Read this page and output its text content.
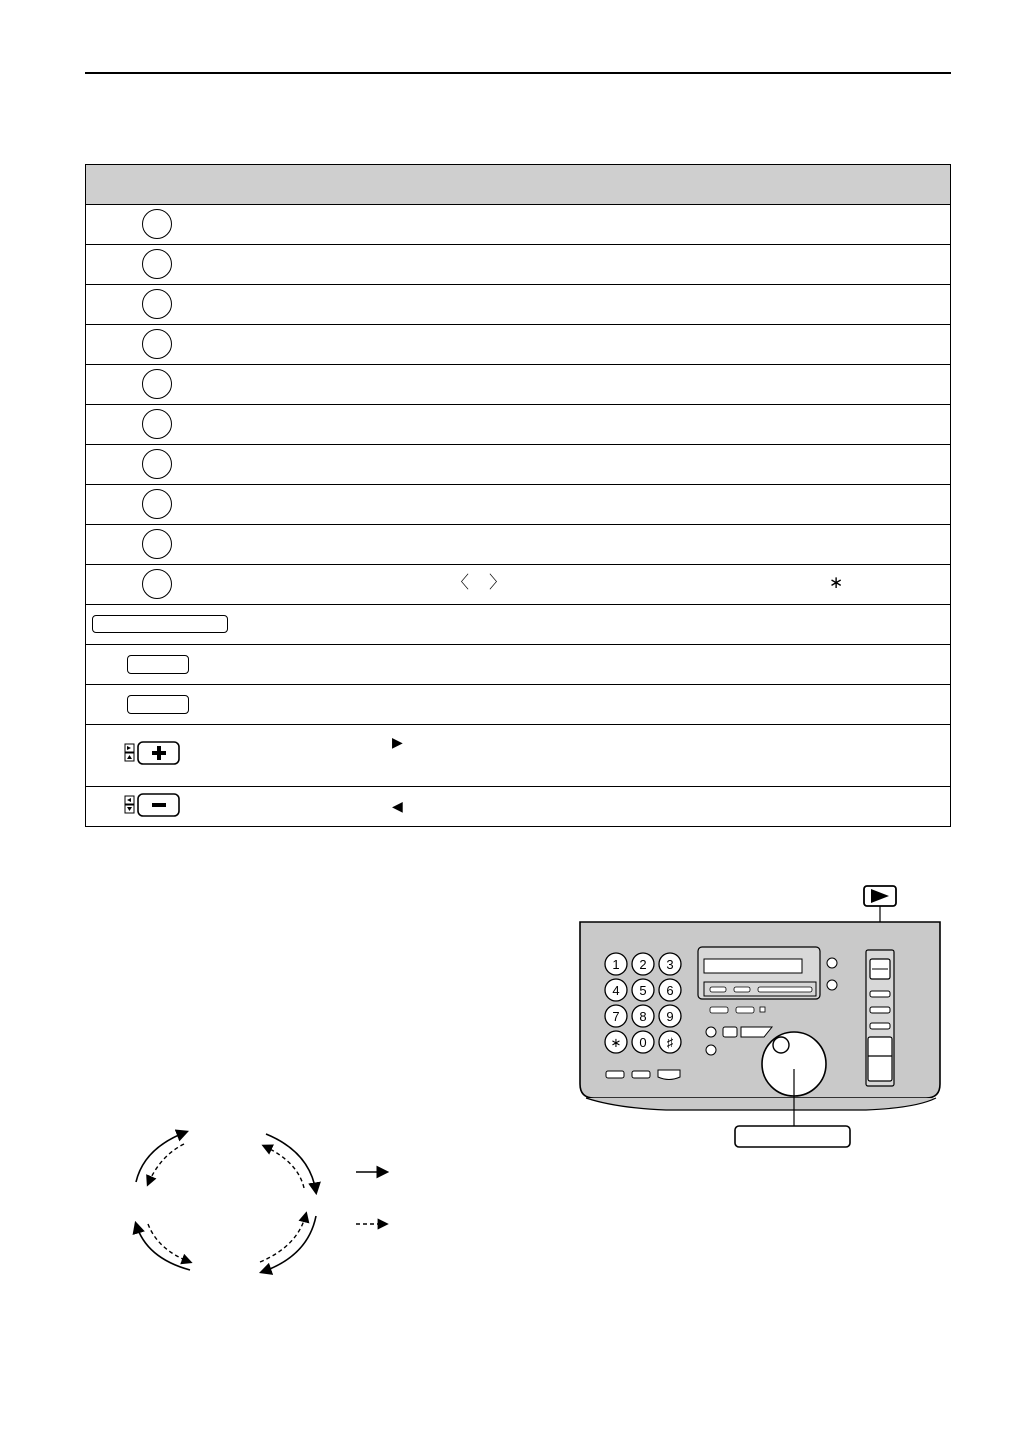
	〈 〉 ∗

▶

◀
1 2 3
4 5 6
7 8 9
∗ 0 ♯
